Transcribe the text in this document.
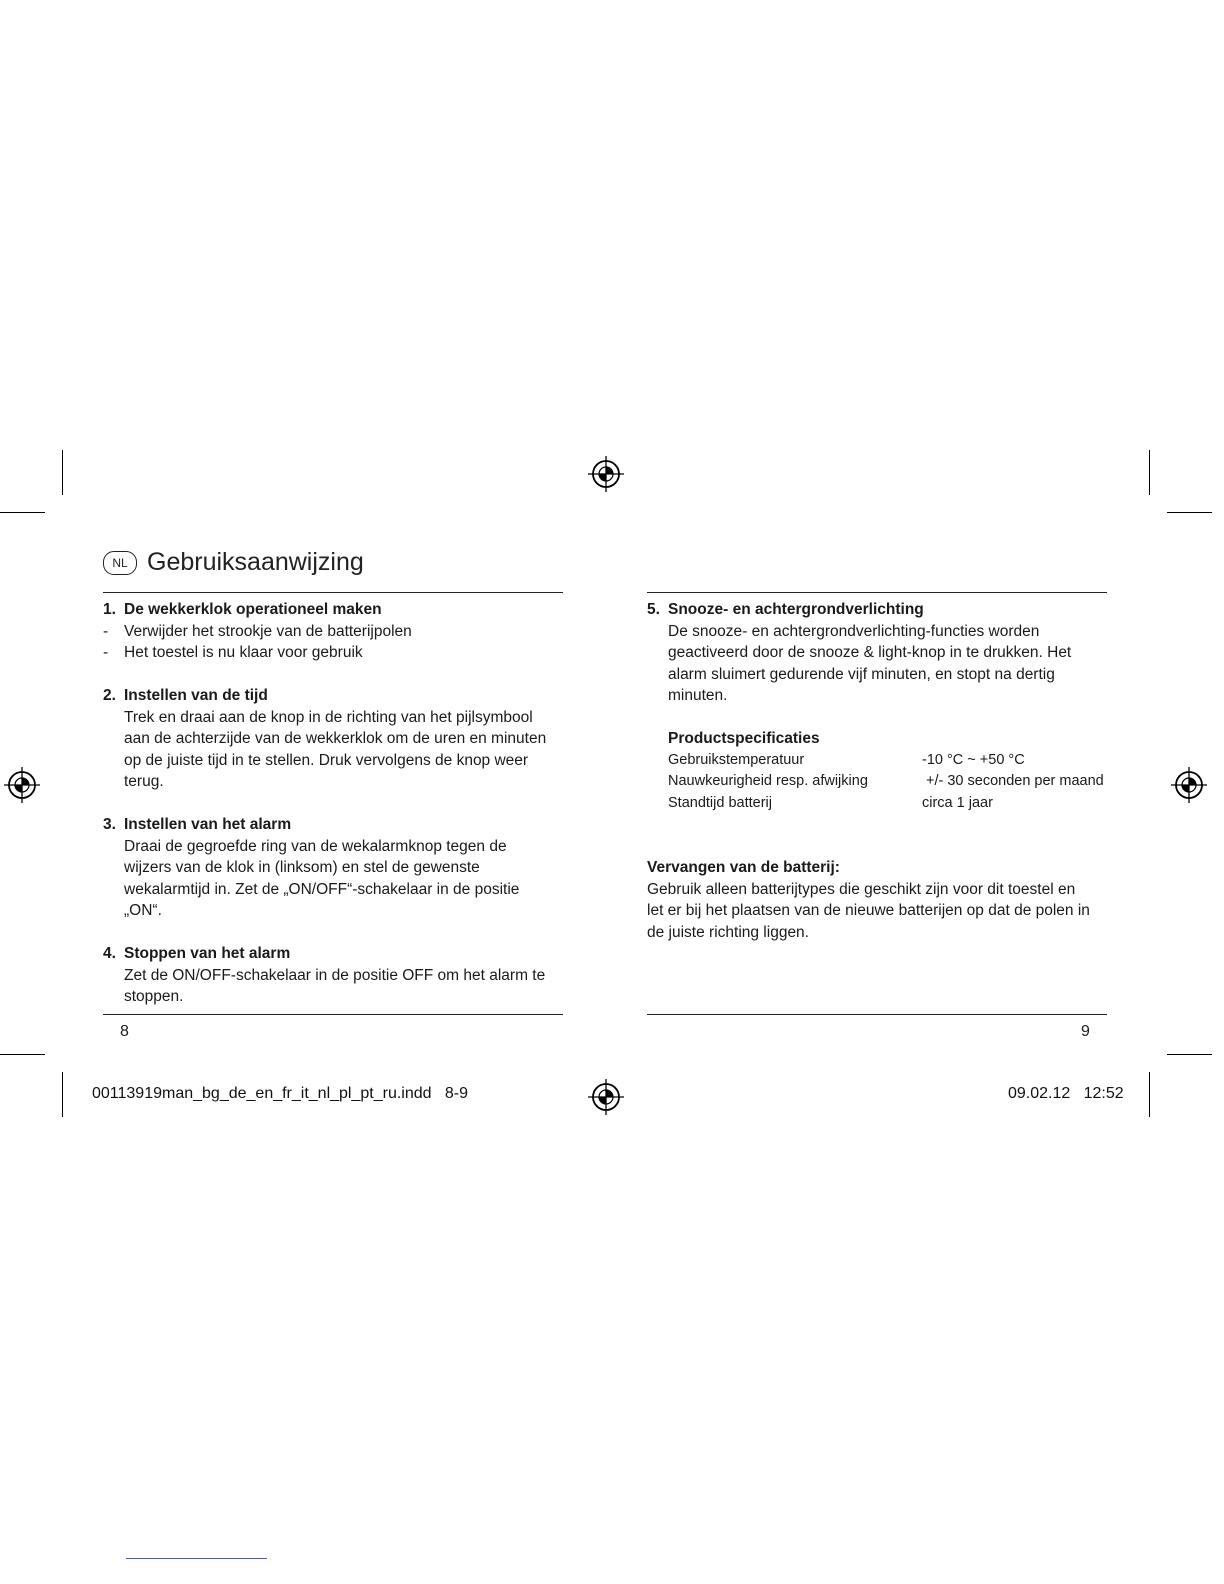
NL Gebruiksaanwijzing
1. De wekkerklok operationeel maken
-	Verwijder het strookje van de batterijpolen
-	Het toestel is nu klaar voor gebruik
2. Instellen van de tijd
Trek en draai aan de knop in de richting van het pijlsymbool
aan de achterzijde van de wekkerklok om de uren en minuten
op de juiste tijd in te stellen. Druk vervolgens de knop weer
terug.
3. Instellen van het alarm
Draai de gegroefde ring van de wekalarmknop tegen de
wijzers van de klok in (linksom) en stel de gewenste
wekalarmtijd in. Zet de „ON/OFF“-schakelaar in de positie
„ON“.
4. Stoppen van het alarm
Zet de ON/OFF-schakelaar in de positie OFF om het alarm te
stoppen.
5. Snooze- en achtergrondverlichting
De snooze- en achtergrondverlichting-functies worden
geactiveerd door de snooze & light-knop in te drukken. Het
alarm sluimert gedurende vijf minuten, en stopt na dertig
minuten.
Productspecificaties
Gebruikstemperatuur	-10 °C ~ +50 °C
Nauwkeurigheid resp. afwijking	+/- 30 seconden per maand
Standtijd batterij	circa 1 jaar
Vervangen van de batterij:
Gebruik alleen batterijtypes die geschikt zijn voor dit toestel en
let er bij het plaatsen van de nieuwe batterijen op dat de polen in
de juiste richting liggen.
8	9
00113919man_bg_de_en_fr_it_nl_pl_pt_ru.indd   8-9	09.02.12   12:52
